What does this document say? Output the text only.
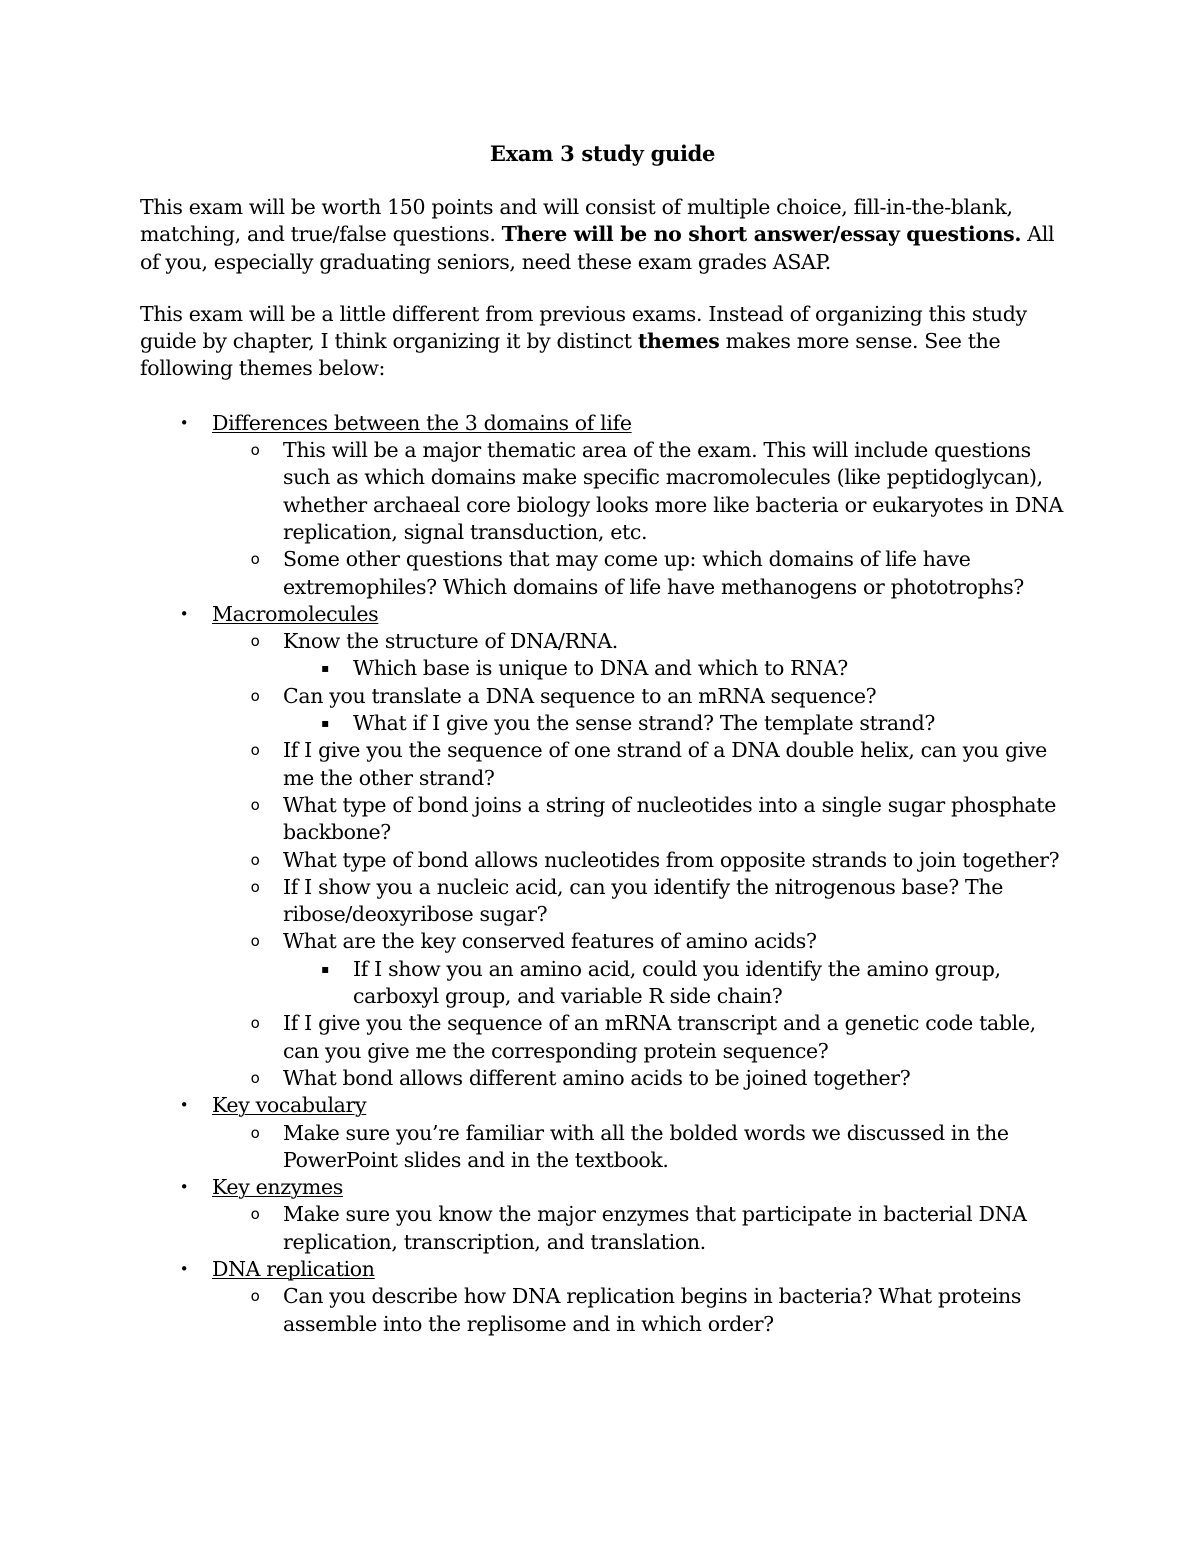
Exam 3 study guide

This exam will be worth 150 points and will consist of multiple choice, fill-in-the-blank, matching, and true/false questions. There will be no short answer/essay questions. All of you, especially graduating seniors, need these exam grades ASAP.

This exam will be a little different from previous exams. Instead of organizing this study guide by chapter, I think organizing it by distinct themes makes more sense. See the following themes below:

• Differences between the 3 domains of life
o This will be a major thematic area of the exam. This will include questions such as which domains make specific macromolecules (like peptidoglycan), whether archaeal core biology looks more like bacteria or eukaryotes in DNA replication, signal transduction, etc.
o Some other questions that may come up: which domains of life have extremophiles? Which domains of life have methanogens or phototrophs?
• Macromolecules
o Know the structure of DNA/RNA.
▪ Which base is unique to DNA and which to RNA?
o Can you translate a DNA sequence to an mRNA sequence?
▪ What if I give you the sense strand? The template strand?
o If I give you the sequence of one strand of a DNA double helix, can you give me the other strand?
o What type of bond joins a string of nucleotides into a single sugar phosphate backbone?
o What type of bond allows nucleotides from opposite strands to join together?
o If I show you a nucleic acid, can you identify the nitrogenous base? The ribose/deoxyribose sugar?
o What are the key conserved features of amino acids?
▪ If I show you an amino acid, could you identify the amino group, carboxyl group, and variable R side chain?
o If I give you the sequence of an mRNA transcript and a genetic code table, can you give me the corresponding protein sequence?
o What bond allows different amino acids to be joined together?
• Key vocabulary
o Make sure you’re familiar with all the bolded words we discussed in the PowerPoint slides and in the textbook.
• Key enzymes
o Make sure you know the major enzymes that participate in bacterial DNA replication, transcription, and translation.
• DNA replication
o Can you describe how DNA replication begins in bacteria? What proteins assemble into the replisome and in which order?
